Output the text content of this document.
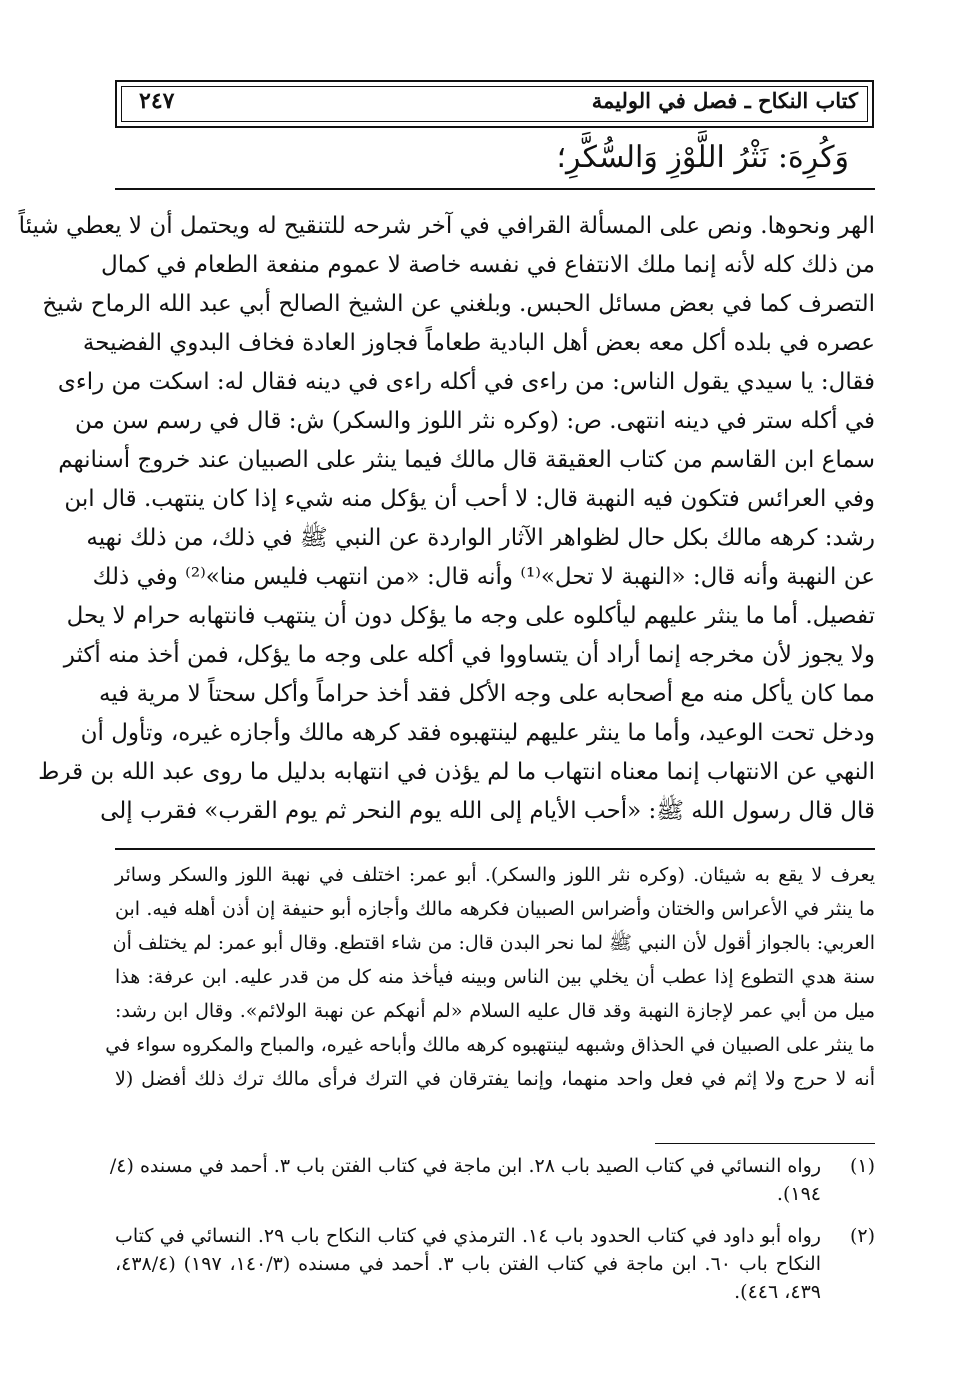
كتاب النكاح ـ فصل في الوليمة
٢٤٧
وَكُرِهَ: نَثْرُ اللَّوْزِ وَالسُّكَّرِ؛
الهر ونحوها. ونص على المسألة القرافي في آخر شرحه للتنقيح له ويحتمل أن لا يعطي شيئاً
من ذلك كله لأنه إنما ملك الانتفاع في نفسه خاصة لا عموم منفعة الطعام في كمال
التصرف كما في بعض مسائل الحبس. وبلغني عن الشيخ الصالح أبي عبد الله الرماح شيخ
عصره في بلده أكل معه بعض أهل البادية طعاماً فجاوز العادة فخاف البدوي الفضيحة
فقال: يا سيدي يقول الناس: من راءى في أكله راءى في دينه فقال له: اسكت من راءى
في أكله ستر في دينه انتهى. ص: (وكره نثر اللوز والسكر) ش: قال في رسم سن من
سماع ابن القاسم من كتاب العقيقة قال مالك فيما ينثر على الصبيان عند خروج أسنانهم
وفي العرائس فتكون فيه النهبة قال: لا أحب أن يؤكل منه شيء إذا كان ينتهب. قال ابن
رشد: كرهه مالك بكل حال لظواهر الآثار الواردة عن النبي ﷺ في ذلك، من ذلك نهيه
عن النهبة وأنه قال: «النهبة لا تحل»⁽¹⁾ وأنه قال: «من انتهب فليس منا»⁽²⁾ وفي ذلك
تفصيل. أما ما ينثر عليهم ليأكلوه على وجه ما يؤكل دون أن ينتهب فانتهابه حرام لا يحل
ولا يجوز لأن مخرجه إنما أراد أن يتساووا في أكله على وجه ما يؤكل، فمن أخذ منه أكثر
مما كان يأكل منه مع أصحابه على وجه الأكل فقد أخذ حراماً وأكل سحتاً لا مرية فيه
ودخل تحت الوعيد، وأما ما ينثر عليهم لينتهبوه فقد كرهه مالك وأجازه غيره، وتأول أن
النهي عن الانتهاب إنما معناه انتهاب ما لم يؤذن في انتهابه بدليل ما روى عبد الله بن قرط
قال قال رسول الله ﷺ: «أحب الأيام إلى الله يوم النحر ثم يوم القرب» فقرب إلى
يعرف لا يقع به شيئان. (وكره نثر اللوز والسكر). أبو عمر: اختلف في نهبة اللوز والسكر وسائر
ما ينثر في الأعراس والختان وأضراس الصبيان فكرهه مالك وأجازه أبو حنيفة إن أذن أهله فيه. ابن
العربي: بالجواز أقول لأن النبي ﷺ لما نحر البدن قال: من شاء اقتطع. وقال أبو عمر: لم يختلف أن
سنة هدي التطوع إذا عطب أن يخلي بين الناس وبينه فيأخذ منه كل من قدر عليه. ابن عرفة: هذا
ميل من أبي عمر لإجازة النهبة وقد قال عليه السلام «لم أنهكم عن نهبة الولائم». وقال ابن رشد:
ما ينثر على الصبيان في الحذاق وشبهه لينتهبوه كرهه مالك وأباحه غيره، والمباح والمكروه سواء في
أنه لا حرج ولا إثم في فعل واحد منهما، وإنما يفترقان في الترك فرأى مالك ترك ذلك أفضل (لا
(١)
رواه النسائي في كتاب الصيد باب ٢٨. ابن ماجة في كتاب الفتن باب ٣. أحمد في مسنده (٤/
١٩٤).
(٢)
رواه أبو داود في كتاب الحدود باب ١٤. الترمذي في كتاب النكاح باب ٢٩. النسائي في كتاب
النكاح باب ٦٠. ابن ماجة في كتاب الفتن باب ٣. أحمد في مسنده (١٤٠/٣، ١٩٧) (٤٣٨/٤،
٤٣٩، ٤٤٦).
